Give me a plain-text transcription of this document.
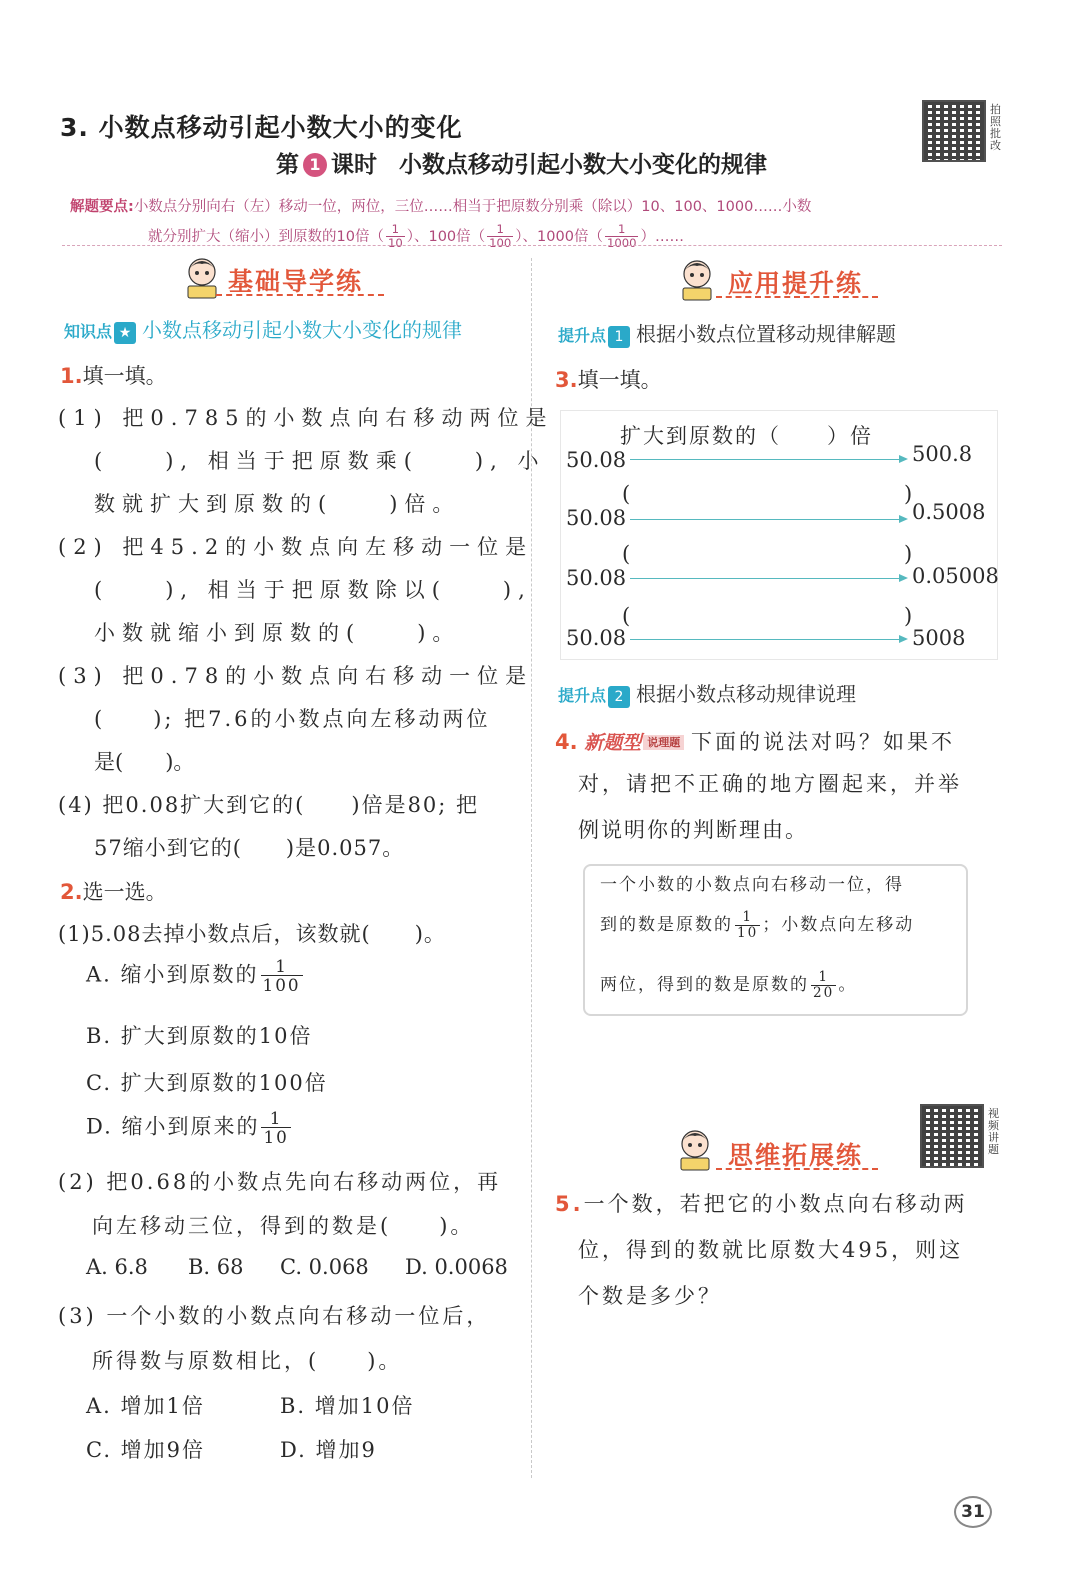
3. 小数点移动引起小数大小的变化
第 1 课时 小数点移动引起小数大小变化的规律
拍照批改
解题要点:小数点分别向右（左）移动一位，两位，三位……相当于把原数分别乘（除以）10、100、1000……小数
就分别扩大（缩小）到原数的10倍（ $\frac{1}{10}$ ）、100倍（ $\frac{1}{100}$ ）、1000倍（ $\frac{1}{1000}$ ）……
基础导学练
知识点 ★ 小数点移动引起小数大小变化的规律
1.填一填。
(1) 把0.785的小数点向右移动两位是
(　　), 相当于把原数乘(　　), 小
数就扩大到原数的(　　)倍。
(2) 把45.2的小数点向左移动一位是
(　　), 相当于把原数除以(　　),
小数就缩小到原数的(　　)。
(3) 把0.78的小数点向右移动一位是
(　　); 把7.6的小数点向左移动两位
是(　　)。
(4) 把0.08扩大到它的(　　)倍是80; 把
57缩小到它的(　　)是0.057。
2.选一选。
(1)5.08去掉小数点后，该数就(　　)。
A. 缩小到原数的 $\frac{1}{100}$
B. 扩大到原数的10倍
C. 扩大到原数的100倍
D. 缩小到原来的 $\frac{1}{10}$
(2) 把0.68的小数点先向右移动两位，再
向左移动三位，得到的数是(　　)。
A. 6.8 B. 68 C. 0.068 D. 0.0068
(3) 一个小数的小数点向右移动一位后，
所得数与原数相比，(　　)。
A. 增加1倍	B. 增加10倍
C. 增加9倍	D. 增加9
应用提升练
提升点 1 根据小数点位置移动规律解题
3.填一填。
扩大到原数的（　　）倍
50.08	500.8
(	)
50.08	0.5008
(	)
50.08	0.05008
(	)
50.08	5008
提升点 2 根据小数点移动规律说理
4. 新题型 说理题 下面的说法对吗？如果不
对，请把不正确的地方圈起来，并举
例说明你的判断理由。
一个小数的小数点向右移动一位，得
到的数是原数的 $\frac{1}{10}$ ；小数点向左移动
两位，得到的数是原数的 $\frac{1}{20}$ 。
思维拓展练
视频讲题
5.一个数，若把它的小数点向右移动两
位，得到的数就比原数大495，则这
个数是多少？
31
